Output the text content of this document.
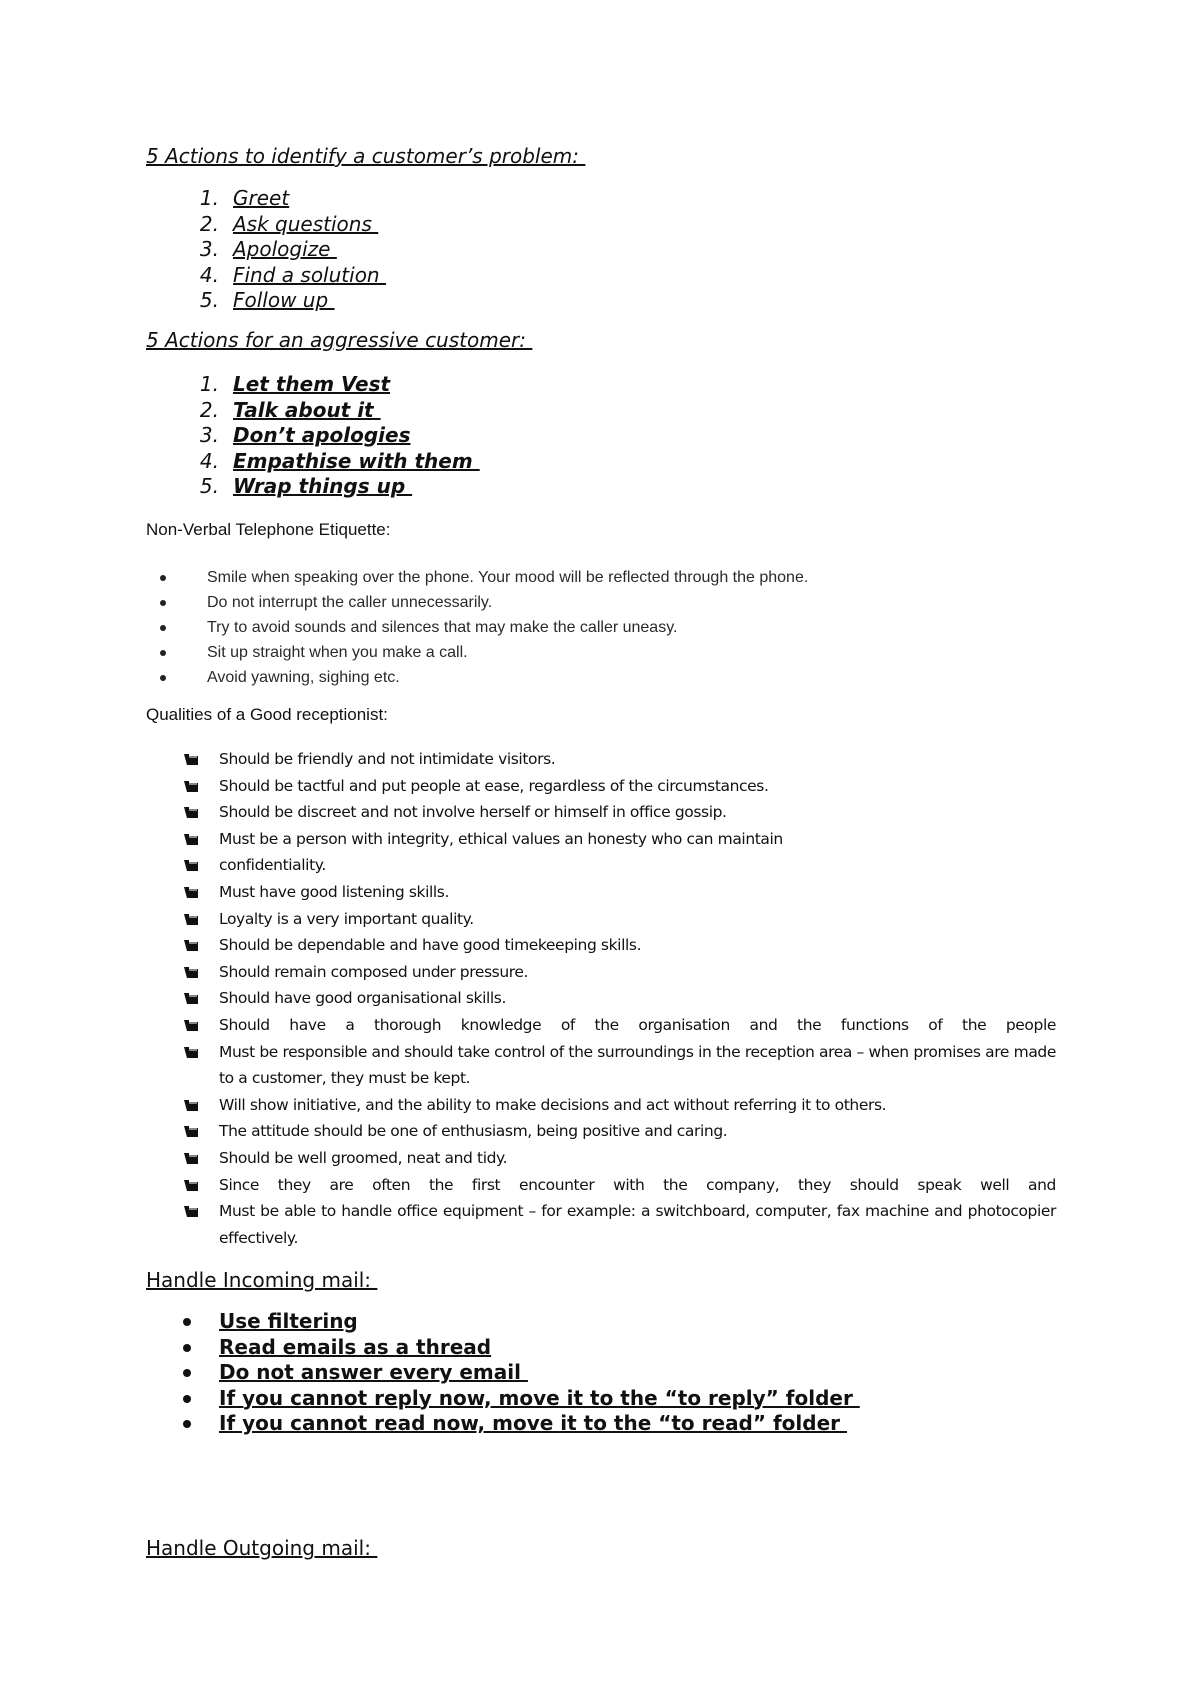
5 Actions to identify a customer’s problem:
1. Greet
2. Ask questions
3. Apologize
4. Find a solution
5. Follow up
5 Actions for an aggressive customer:
1. Let them Vest
2. Talk about it
3. Don’t apologies
4. Empathise with them
5. Wrap things up
Non-Verbal Telephone Etiquette:
Smile when speaking over the phone. Your mood will be reflected through the phone.
Do not interrupt the caller unnecessarily.
Try to avoid sounds and silences that may make the caller uneasy.
Sit up straight when you make a call.
Avoid yawning, sighing etc.
Qualities of a Good receptionist:
Should be friendly and not intimidate visitors.
Should be tactful and put people at ease, regardless of the circumstances.
Should be discreet and not involve herself or himself in office gossip.
Must be a person with integrity, ethical values an honesty who can maintain
confidentiality.
Must have good listening skills.
Loyalty is a very important quality.
Should be dependable and have good timekeeping skills.
Should remain composed under pressure.
Should have good organisational skills.
Should have a thorough knowledge of the organisation and the functions of the people
Must be responsible and should take control of the surroundings in the reception area – when promises are made to a customer, they must be kept.
Will show initiative, and the ability to make decisions and act without referring it to others.
The attitude should be one of enthusiasm, being positive and caring.
Should be well groomed, neat and tidy.
Since they are often the first encounter with the company, they should speak well and
Must be able to handle office equipment – for example: a switchboard, computer, fax machine and photocopier effectively.
Handle Incoming mail:
Use filtering
Read emails as a thread
Do not answer every email
If you cannot reply now, move it to the “to reply” folder
If you cannot read now, move it to the “to read” folder
Handle Outgoing mail:
